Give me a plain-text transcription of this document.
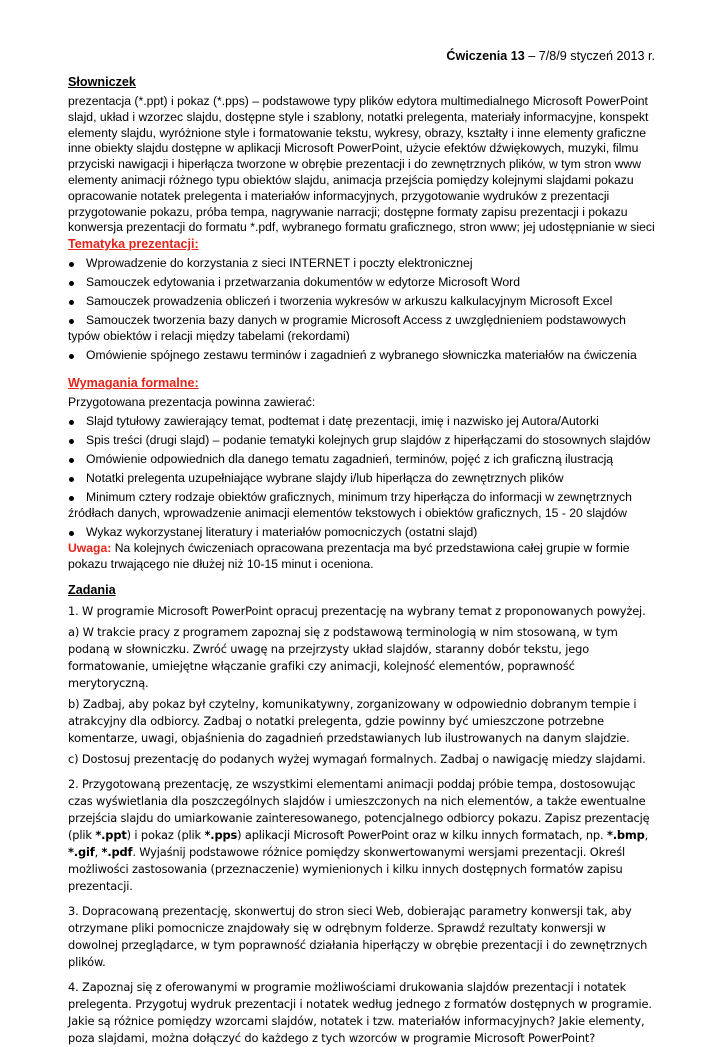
Ćwiczenia 13 – 7/8/9 styczeń 2013 r.
Słowniczek
prezentacja (*.ppt) i pokaz (*.pps) – podstawowe typy plików edytora multimedialnego Microsoft PowerPoint slajd, układ i wzorzec slajdu, dostępne style i szablony, notatki prelegenta, materiały informacyjne, konspekt elementy slajdu, wyróżnione style i formatowanie tekstu, wykresy, obrazy, kształty i inne elementy graficzne inne obiekty slajdu dostępne w aplikacji Microsoft PowerPoint, użycie efektów dźwiękowych, muzyki, filmu przyciski nawigacji i hiperłącza tworzone w obrębie prezentacji i do zewnętrznych plików, w tym stron www elementy animacji różnego typu obiektów slajdu, animacja przejścia pomiędzy kolejnymi slajdami pokazu opracowanie notatek prelegenta i materiałów informacyjnych, przygotowanie wydruków z prezentacji przygotowanie pokazu, próba tempa, nagrywanie narracji; dostępne formaty zapisu prezentacji i pokazu konwersja prezentacji do formatu *.pdf, wybranego formatu graficznego, stron www; jej udostępnianie w sieci
Tematyka prezentacji:
Wprowadzenie do korzystania z sieci INTERNET i poczty elektronicznej
Samouczek edytowania i przetwarzania dokumentów w edytorze Microsoft Word
Samouczek prowadzenia obliczeń i tworzenia wykresów w arkuszu kalkulacyjnym Microsoft Excel
Samouczek tworzenia bazy danych w programie Microsoft Access z uwzględnieniem podstawowych typów obiektów i relacji między tabelami (rekordami)
Omówienie spójnego zestawu terminów i zagadnień z wybranego słowniczka materiałów na ćwiczenia
Wymagania formalne:
Przygotowana prezentacja powinna zawierać:
Slajd tytułowy zawierający temat, podtemat i datę prezentacji, imię i nazwisko jej Autora/Autorki
Spis treści (drugi slajd) – podanie tematyki kolejnych grup slajdów z hiperłączami do stosownych slajdów
Omówienie odpowiednich dla danego tematu zagadnień, terminów, pojęć z ich graficzną ilustracją
Notatki prelegenta uzupełniające wybrane slajdy i/lub hiperłącza do zewnętrznych plików
Minimum cztery rodzaje obiektów graficznych, minimum trzy hiperłącza do informacji w zewnętrznych źródłach danych, wprowadzenie animacji elementów tekstowych i obiektów graficznych, 15 - 20 slajdów
Wykaz wykorzystanej literatury i materiałów pomocniczych (ostatni slajd)
Uwaga: Na kolejnych ćwiczeniach opracowana prezentacja ma być przedstawiona całej grupie w formie pokazu trwającego nie dłużej niż 10-15 minut i oceniona.
Zadania
1. W programie Microsoft PowerPoint opracuj prezentację na wybrany temat z proponowanych powyżej.
a) W trakcie pracy z programem zapoznaj się z podstawową terminologią w nim stosowaną, w tym podaną w słowniczku. Zwróć uwagę na przejrzysty układ slajdów, staranny dobór tekstu, jego formatowanie, umiejętne włączanie grafiki czy animacji, kolejność elementów, poprawność merytoryczną.
b) Zadbaj, aby pokaz był czytelny, komunikatywny, zorganizowany w odpowiednio dobranym tempie i atrakcyjny dla odbiorcy. Zadbaj o notatki prelegenta, gdzie powinny być umieszczone potrzebne komentarze, uwagi, objaśnienia do zagadnień przedstawianych lub ilustrowanych na danym slajdzie.
c) Dostosuj prezentację do podanych wyżej wymagań formalnych. Zadbaj o nawigację miedzy slajdami.
2. Przygotowaną prezentację, ze wszystkimi elementami animacji poddaj próbie tempa, dostosowując czas wyświetlania dla poszczególnych slajdów i umieszczonych na nich elementów, a także ewentualne przejścia slajdu do umiarkowanie zainteresowanego, potencjalnego odbiorcy pokazu. Zapisz prezentację (plik *.ppt) i pokaz (plik *.pps) aplikacji Microsoft PowerPoint oraz w kilku innych formatach, np. *.bmp, *.gif, *.pdf. Wyjaśnij podstawowe różnice pomiędzy skonwertowanymi wersjami prezentacji. Określ możliwości zastosowania (przeznaczenie) wymienionych i kilku innych dostępnych formatów zapisu prezentacji.
3. Dopracowaną prezentację, skonwertuj do stron sieci Web, dobierając parametry konwersji tak, aby otrzymane pliki pomocnicze znajdowały się w odrębnym folderze. Sprawdź rezultaty konwersji w dowolnej przeglądarce, w tym poprawność działania hiperłączy w obrębie prezentacji i do zewnętrznych plików.
4. Zapoznaj się z oferowanymi w programie możliwościami drukowania slajdów prezentacji i notatek prelegenta. Przygotuj wydruk prezentacji i notatek według jednego z formatów dostępnych w programie. Jakie są różnice pomiędzy wzorcami slajdów, notatek i tzw. materiałów informacyjnych? Jakie elementy, poza slajdami, można dołączyć do każdego z tych wzorców w programie Microsoft PowerPoint?
